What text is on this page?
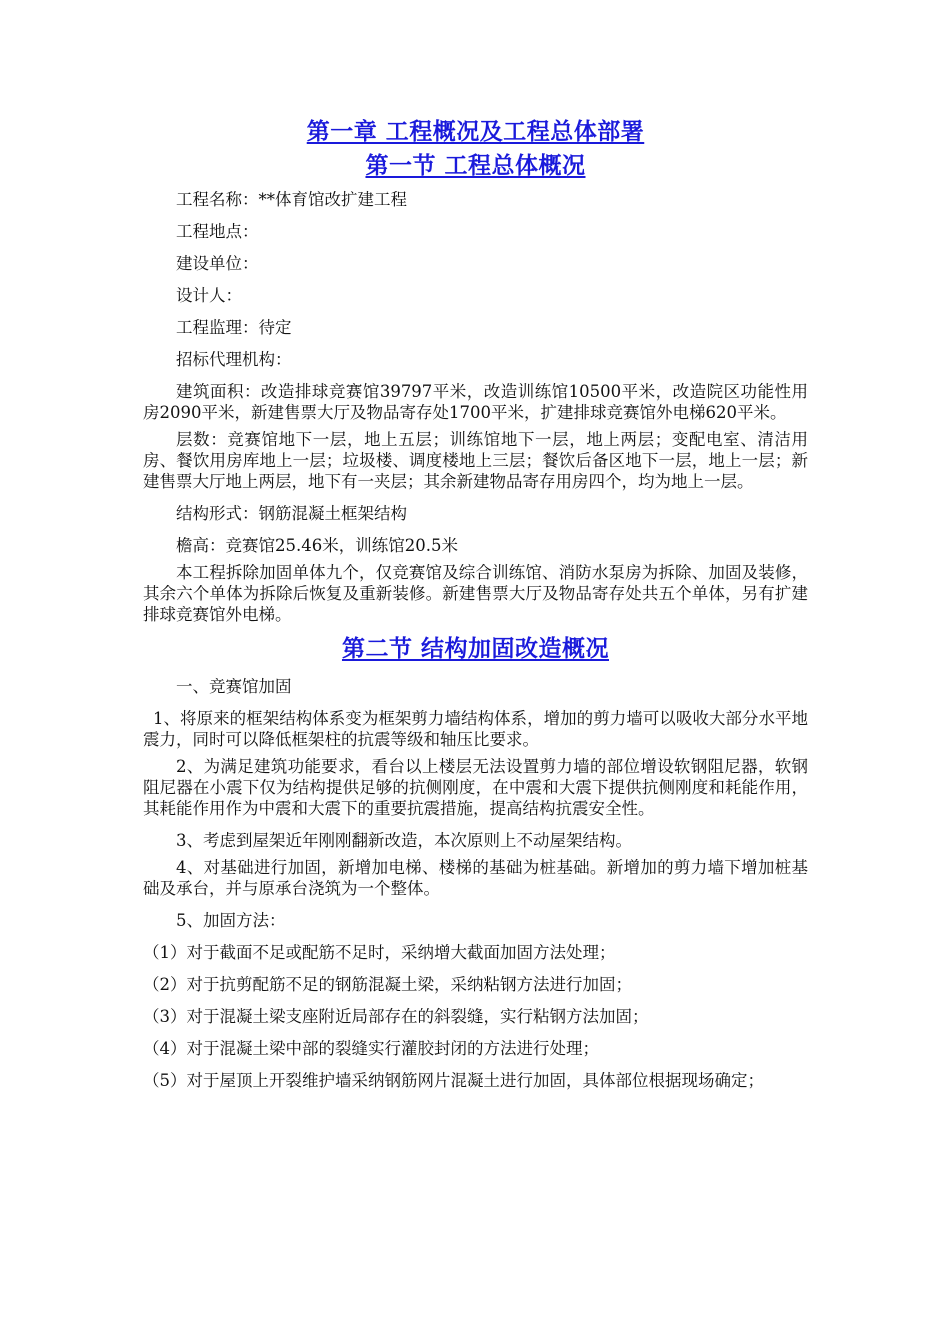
第一章 工程概况及工程总体部署
第一节 工程总体概况

工程名称：**体育馆改扩建工程

工程地点：

建设单位：

设计人：

工程监理：待定

招标代理机构：

建筑面积：改造排球竞赛馆39797平米，改造训练馆10500平米，改造院区功能性用房2090平米，新建售票大厅及物品寄存处1700平米，扩建排球竞赛馆外电梯620平米。

层数：竞赛馆地下一层，地上五层；训练馆地下一层，地上两层；变配电室、清洁用房、餐饮用房库地上一层；垃圾楼、调度楼地上三层；餐饮后备区地下一层，地上一层；新建售票大厅地上两层，地下有一夹层；其余新建物品寄存用房四个，均为地上一层。

结构形式：钢筋混凝土框架结构

檐高：竞赛馆25.46米，训练馆20.5米

本工程拆除加固单体九个，仅竞赛馆及综合训练馆、消防水泵房为拆除、加固及装修，其余六个单体为拆除后恢复及重新装修。新建售票大厅及物品寄存处共五个单体，另有扩建排球竞赛馆外电梯。

第二节 结构加固改造概况

一、竞赛馆加固

1、将原来的框架结构体系变为框架剪力墙结构体系，增加的剪力墙可以吸收大部分水平地震力，同时可以降低框架柱的抗震等级和轴压比要求。

2、为满足建筑功能要求，看台以上楼层无法设置剪力墙的部位增设软钢阻尼器，软钢阻尼器在小震下仅为结构提供足够的抗侧刚度，在中震和大震下提供抗侧刚度和耗能作用，其耗能作用作为中震和大震下的重要抗震措施，提高结构抗震安全性。

3、考虑到屋架近年刚刚翻新改造，本次原则上不动屋架结构。

4、对基础进行加固，新增加电梯、楼梯的基础为桩基础。新增加的剪力墙下增加桩基础及承台，并与原承台浇筑为一个整体。

5、加固方法：

（1）对于截面不足或配筋不足时，采纳增大截面加固方法处理；

（2）对于抗剪配筋不足的钢筋混凝土梁，采纳粘钢方法进行加固；

（3）对于混凝土梁支座附近局部存在的斜裂缝，实行粘钢方法加固；

（4）对于混凝土梁中部的裂缝实行灌胶封闭的方法进行处理；

（5）对于屋顶上开裂维护墙采纳钢筋网片混凝土进行加固，具体部位根据现场确定；
